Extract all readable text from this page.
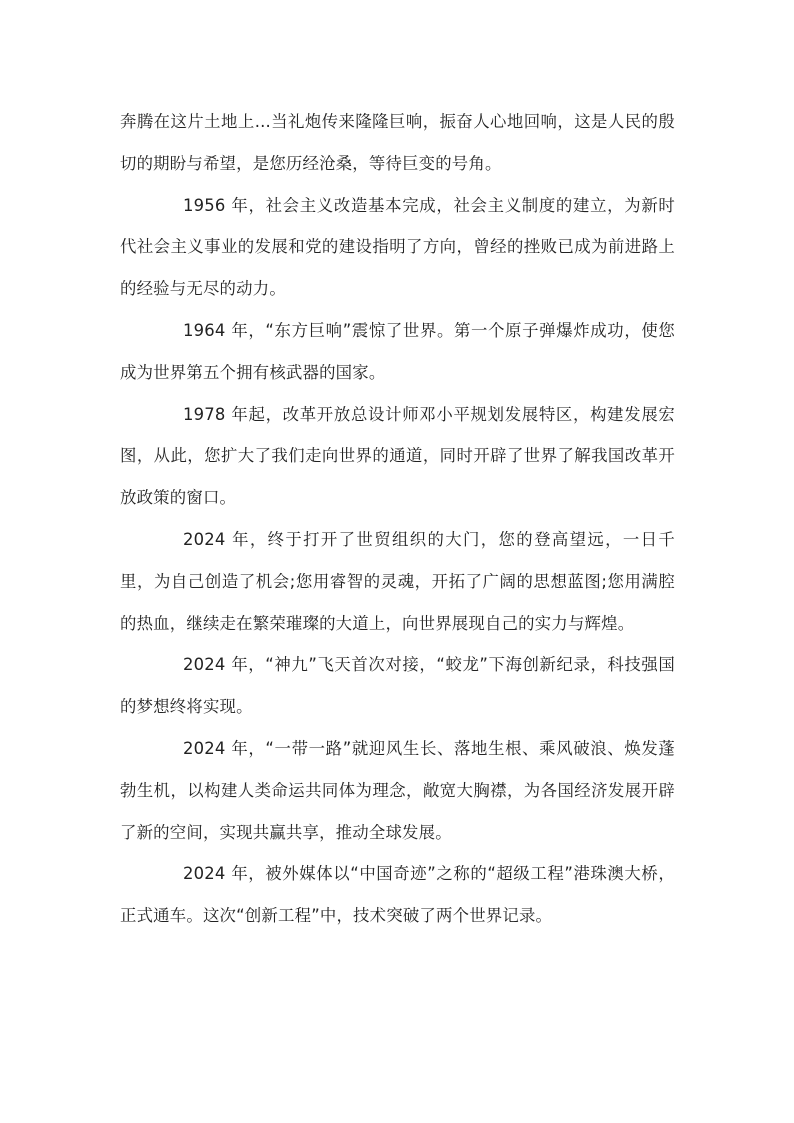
奔腾在这片土地上...当礼炮传来隆隆巨响，振奋人心地回响，这是人民的殷切的期盼与希望，是您历经沧桑，等待巨变的号角。

1956 年，社会主义改造基本完成，社会主义制度的建立，为新时代社会主义事业的发展和党的建设指明了方向，曾经的挫败已成为前进路上的经验与无尽的动力。

1964 年，“东方巨响”震惊了世界。第一个原子弹爆炸成功，使您成为世界第五个拥有核武器的国家。

1978 年起，改革开放总设计师邓小平规划发展特区，构建发展宏图，从此，您扩大了我们走向世界的通道，同时开辟了世界了解我国改革开放政策的窗口。

2024 年，终于打开了世贸组织的大门，您的登高望远，一日千里，为自己创造了机会;您用睿智的灵魂，开拓了广阔的思想蓝图;您用满腔的热血，继续走在繁荣璀璨的大道上，向世界展现自己的实力与辉煌。

2024 年，“神九”飞天首次对接，“蛟龙”下海创新纪录，科技强国的梦想终将实现。

2024 年，“一带一路”就迎风生长、落地生根、乘风破浪、焕发蓬勃生机，以构建人类命运共同体为理念，敞宽大胸襟，为各国经济发展开辟了新的空间，实现共赢共享，推动全球发展。

2024 年，被外媒体以“中国奇迹”之称的“超级工程”港珠澳大桥，正式通车。这次“创新工程”中，技术突破了两个世界记录。
